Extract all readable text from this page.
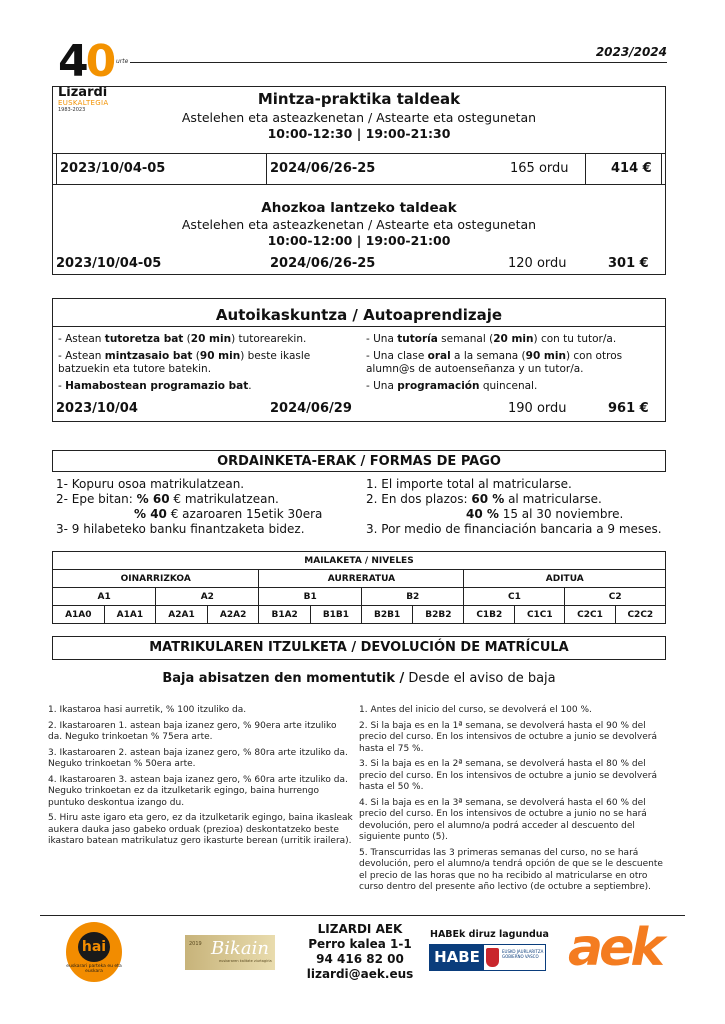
40 urte
Lizardi
EUSKALTEGIA
1983-2023
2023/2024
Mintza-praktika taldeak
Astelehen eta asteazkenetan / Astearte eta ostegunetan
10:00-12:30 | 19:00-21:30
2023/10/04-05	2024/06/26-25	165 ordu	414 €
Ahozkoa lantzeko taldeak
Astelehen eta asteazkenetan / Astearte eta ostegunetan
10:00-12:00 | 19:00-21:00
2023/10/04-05	2024/06/26-25	120 ordu	301 €
Autoikaskuntza / Autoaprendizaje
- Astean tutoretza bat (20 min) tutorearekin.
- Astean mintzasaio bat (90 min) beste ikasle batzuekin eta tutore batekin.
- Hamabostean programazio bat.
- Una tutoría semanal (20 min) con tu tutor/a.
- Una clase oral a la semana (90 min) con otros alumn@s de autoenseñanza y un tutor/a.
- Una programación quincenal.
2023/10/04	2024/06/29	190 ordu	961 €
ORDAINKETA-ERAK / FORMAS DE PAGO
1- Kopuru osoa matrikulatzean.
2- Epe bitan: % 60 € matrikulatzean.
% 40 € azaroaren 15etik 30era
3- 9 hilabeteko banku finantzaketa bidez.
1. El importe total al matricularse.
2. En dos plazos: 60 % al matricularse.
40 % 15 al 30 noviembre.
3. Por medio de financiación bancaria a 9 meses.
MAILAKETA / NIVELES											
OINARRIZKOA				AURRERATUA				ADITUA			
A1		A2		B1		B2		C1		C2	
A1A0	A1A1	A2A1	A2A2	B1A2	B1B1	B2B1	B2B2	C1B2	C1C1	C2C1	C2C2
MATRIKULAREN ITZULKETA / DEVOLUCIÓN DE MATRÍCULA
Baja abisatzen den momentutik / Desde el aviso de baja

1. Ikastaroa hasi aurretik, % 100 itzuliko da.

2. Ikastaroaren 1. astean baja izanez gero, % 90era arte itzuliko da. Neguko trinkoetan % 75era arte.

3. Ikastaroaren 2. astean baja izanez gero, % 80ra arte itzuliko da. Neguko trinkoetan % 50era arte.

4. Ikastaroaren 3. astean baja izanez gero, % 60ra arte itzuliko da. Neguko trinkoetan ez da itzulketarik egingo, baina hurrengo puntuko deskontua izango du.

5. Hiru aste igaro eta gero, ez da itzulketarik egingo, baina ikasleak aukera dauka jaso gabeko orduak (prezioa) deskontatzeko beste ikastaro batean matrikulatuz gero ikasturte berean (urritik irailera).

1. Antes del inicio del curso, se devolverá el 100 %.

2. Si la baja es en la 1ª semana, se devolverá hasta el 90 % del precio del curso. En los intensivos de octubre a junio se devolverá hasta el 75 %.

3. Si la baja es en la 2ª semana, se devolverá hasta el 80 % del precio del curso. En los intensivos de octubre a junio se devolverá hasta el 50 %.

4. Si la baja es en la 3ª semana, se devolverá hasta el 60 % del precio del curso. En los intensivos de octubre a junio no se hará devolución, pero el alumno/a podrá acceder al descuento del siguiente punto (5).

5. Transcurridas las 3 primeras semanas del curso, no se hará devolución, pero el alumno/a tendrá opción de que se le descuente el precio de las horas que no ha recibido al matricularse en otro curso dentro del presente año lectivo (de octubre a septiembre).

hai
euskarari parteka eu eta euskara
2019 Bikain
euskararen kalitate ziurtagiria
LIZARDI AEK
Perro kalea 1-1
94 416 82 00
lizardi@aek.eus
HABEk diruz lagundua
HABE	EUSKO JAURLARITZA GOBIERNO VASCO aek
